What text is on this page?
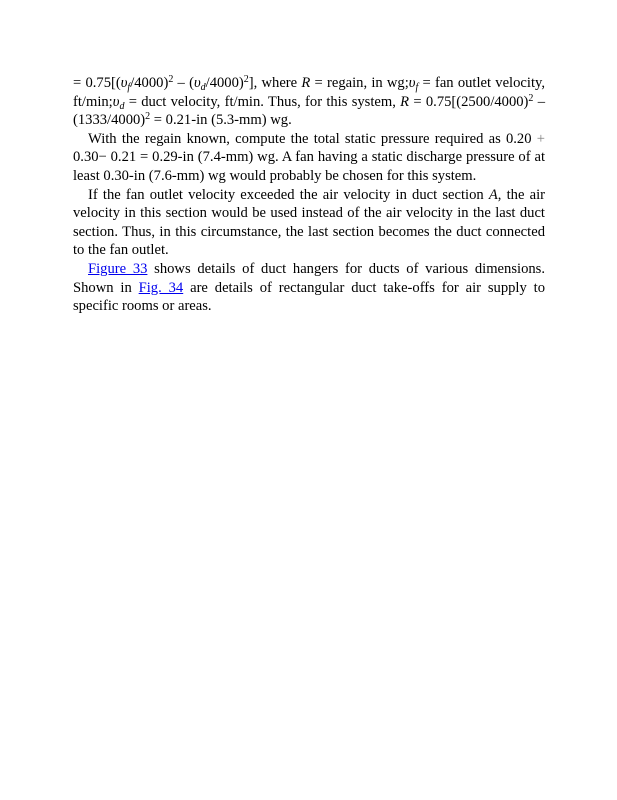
= $0.75[(\upsilon_f/4000)^2 - (\upsilon_d/4000)^2]$, where R = regain, in $wg;\upsilon_f$ = fan outlet velocity, $ft/\min;\upsilon_d$ = duct velocity, ft/min. Thus, for this system, $R = 0.75[(2500/4000)^2 - (1333/4000)^2 = 0.21-in$ (5.3-mm) wg.

With the regain known, compute the total static pressure required as 0.20 + 0.30− 0.21 = 0.29-in (7.4-mm) wg. A fan having a static discharge pressure of at least 0.30-in (7.6-mm) wg would probably be chosen for this system.

If the fan outlet velocity exceeded the air velocity in duct section A, the air velocity in this section would be used instead of the air velocity in the last duct section. Thus, in this circumstance, the last section becomes the duct connected to the fan outlet.

Figure 33 shows details of duct hangers for ducts of various dimensions. Shown in Fig. 34 are details of rectangular duct take-offs for air supply to specific rooms or areas.
